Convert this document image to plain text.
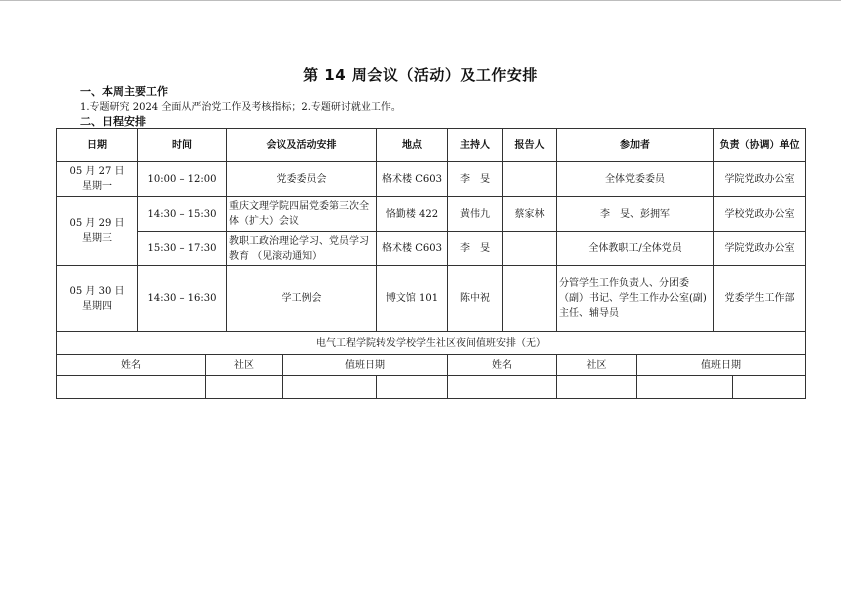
第 14 周会议（活动）及工作安排
一、本周主要工作
1.专题研究 2024 全面从严治党工作及考核指标；2.专题研讨就业工作。
二、日程安排
日期	时间		会议及活动安排		地点	主持人	报告人	参加者		负责（协调）单位	

05 月 27 日
星期一	10:00 – 12:00		党委委员会		格术楼 C603	李　旻		全体党委委员		学院党政办公室	

05 月 29 日
星期三	14:30 – 15:30		重庆文理学院四届党委第三次全体（扩大）会议		恪勤楼 422	黄伟九	蔡家林	李　旻、彭拥军		学校党政办公室	
	15:30 – 17:30		教职工政治理论学习、党员学习教育 （见滚动通知）		格术楼 C603	李　旻		全体教职工/全体党员		学院党政办公室	

05 月 30 日
星期四	14:30 – 16:30		学工例会		博文馆 101	陈中祝		分管学生工作负责人、分团委（副）书记、学生工作办公室(副)主任、辅导员		党委学生工作部	
电气工程学院转发学校学生社区夜间值班安排（无）											
姓名		社区		值班日期		姓名		社区	值班日期		
